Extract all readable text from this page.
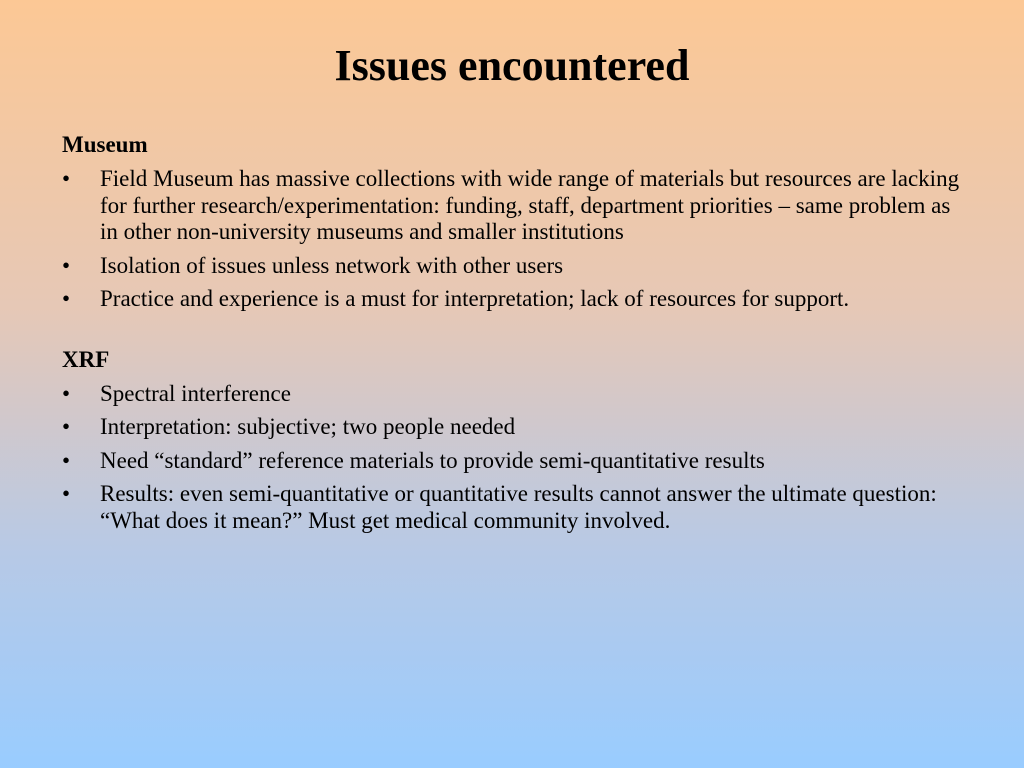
Issues encountered
Museum
• Field Museum has massive collections with wide range of materials but resources are lacking for further research/experimentation: funding, staff, department priorities – same problem as in other non-university museums and smaller institutions
• Isolation of issues unless network with other users
• Practice and experience is a must for interpretation; lack of resources for support.
XRF
• Spectral interference
• Interpretation: subjective; two people needed
• Need “standard” reference materials to provide semi-quantitative results
• Results: even semi-quantitative or quantitative results cannot answer the ultimate question: “What does it mean?” Must get medical community involved.
